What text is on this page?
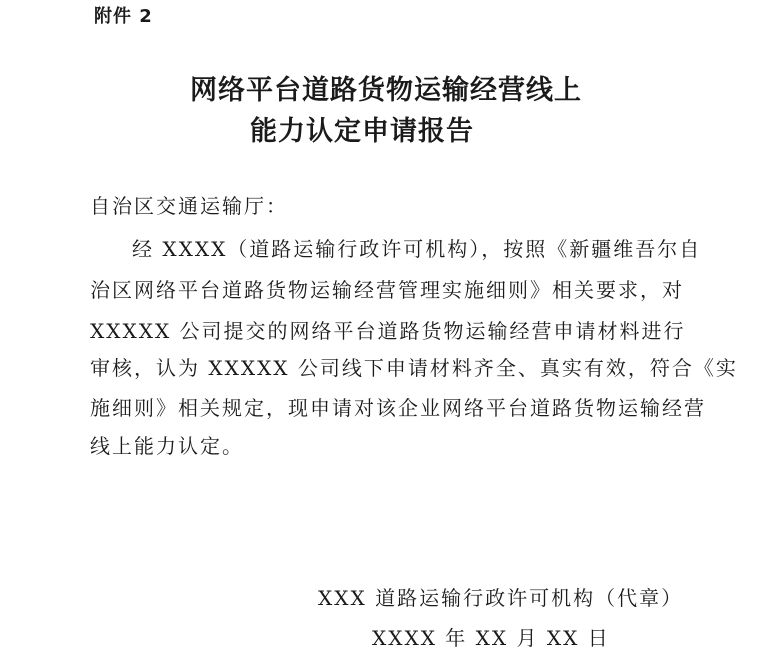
附件 2
网络平台道路货物运输经营线上
能力认定申请报告
自治区交通运输厅：
经 XXXX（道路运输行政许可机构），按照《新疆维吾尔自
治区网络平台道路货物运输经营管理实施细则》相关要求，对
XXXXX 公司提交的网络平台道路货物运输经营申请材料进行
审核，认为 XXXXX 公司线下申请材料齐全、真实有效，符合《实
施细则》相关规定，现申请对该企业网络平台道路货物运输经营
线上能力认定。
XXX 道路运输行政许可机构（代章）
XXXX 年 XX 月 XX 日
